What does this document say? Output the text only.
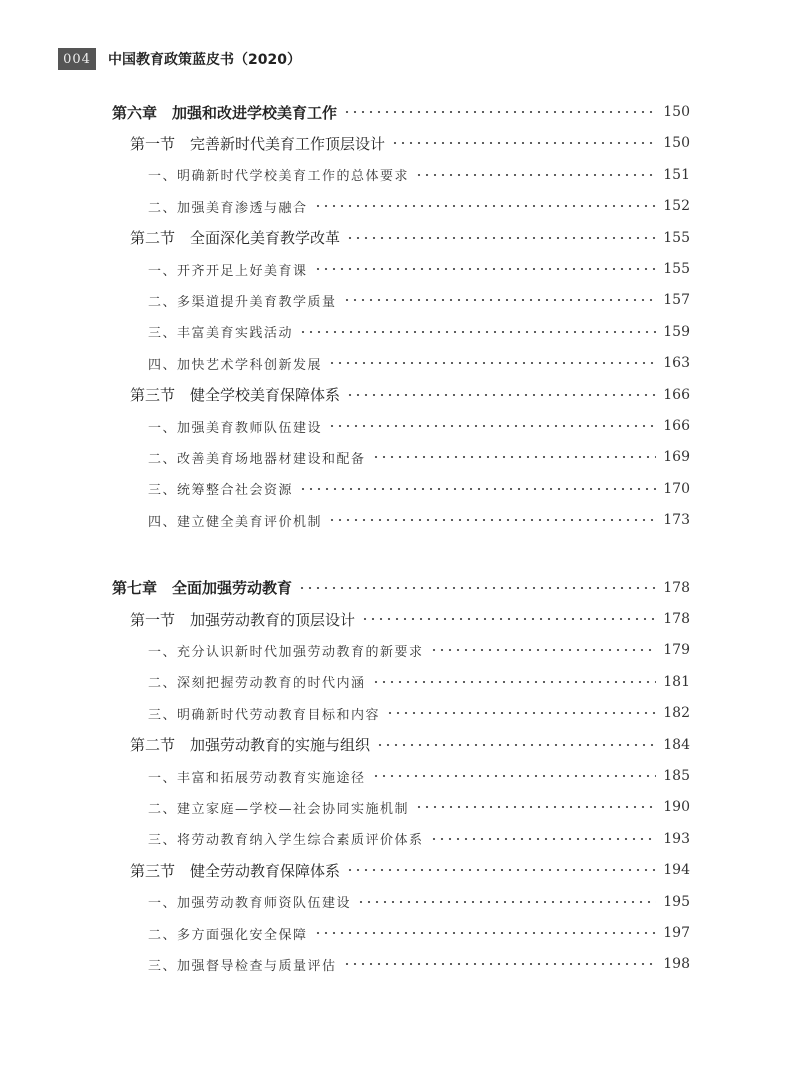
004	中国教育政策蓝皮书（2020）
第六章　加强和改进学校美育工作	150
第一节　完善新时代美育工作顶层设计	150
一、明确新时代学校美育工作的总体要求	151
二、加强美育渗透与融合	152
第二节　全面深化美育教学改革	155
一、开齐开足上好美育课	155
二、多渠道提升美育教学质量	157
三、丰富美育实践活动	159
四、加快艺术学科创新发展	163
第三节　健全学校美育保障体系	166
一、加强美育教师队伍建设	166
二、改善美育场地器材建设和配备	169
三、统筹整合社会资源	170
四、建立健全美育评价机制	173
第七章　全面加强劳动教育	178
第一节　加强劳动教育的顶层设计	178
一、充分认识新时代加强劳动教育的新要求	179
二、深刻把握劳动教育的时代内涵	181
三、明确新时代劳动教育目标和内容	182
第二节　加强劳动教育的实施与组织	184
一、丰富和拓展劳动教育实施途径	185
二、建立家庭—学校—社会协同实施机制	190
三、将劳动教育纳入学生综合素质评价体系	193
第三节　健全劳动教育保障体系	194
一、加强劳动教育师资队伍建设	195
二、多方面强化安全保障	197
三、加强督导检查与质量评估	198
